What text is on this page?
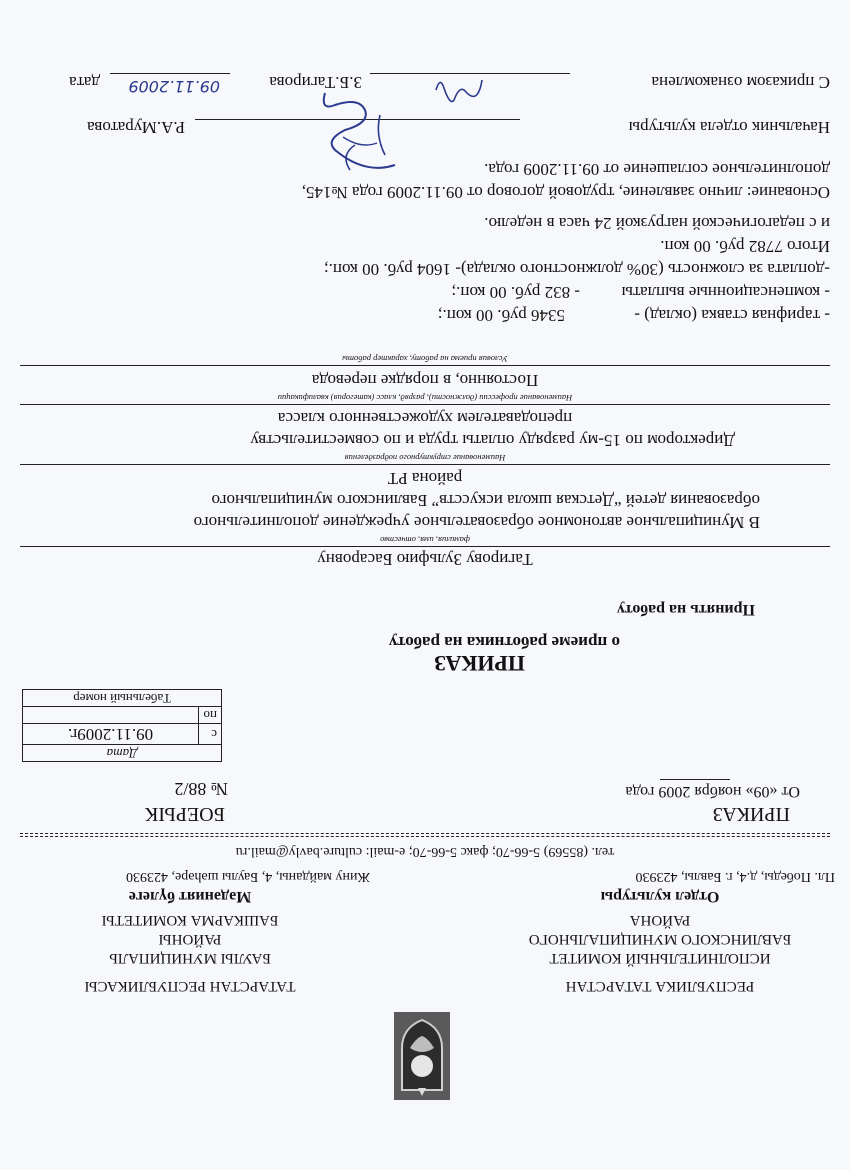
РЕСПУБЛИКА ТАТАРСТАН
ИСПОЛНИТЕЛЬНЫЙ КОМИТЕТ
БАВЛИНСКОГО МУНИЦИПАЛЬНОГО
РАЙОНА
Отдел культуры
ТАТАРСТАН РЕСПУБЛИКАСЫ
БАУЛЫ МУНИЦИПАЛЬ
РАЙОНЫ
БАШКАРМА КОМИТЕТЫ
Мәдәният бүлеге
Пл. Победы, д.4, г. Бавлы, 423930
Жину майданы, 4, Баулы шәһәре, 423930
тел. (85569) 5-66-70; факс 5-66-70; e-mail: culture.bavly@mail.ru
ПРИКАЗ
От «09» ноября 2009 года
БОЕРЫК
№ 88/2
Дата	
с	09.11.2009г.
по	
Табельный номер	
ПРИКАЗ
о приеме работника на работу
Принять на работу
Тагирову Зульфию Басаровну
фамилия, имя, отчество
В Муниципальное автономное образовательное учреждение дополнительного
образования детей “Детская школа искусств” Бавлинского муниципального
района РТ
Наименование структурного подразделения
Директором по 15-му разряду оплаты труда и по совместительству
преподавателем художественного класса
Наименование профессии (должности), разряд, класс (категория) квалификации
Постоянно, в порядке перевода
Условия приема на работу, характер работы
- тарифная ставка (оклад) -
5346 руб. 00 коп.;
- компенсационные выплаты
- 832 руб. 00 коп.;
-доплата за сложность (30% должностного оклада)- 1604 руб. 00 коп.;
Итого 7782 руб. 00 коп.
и с педагогической нагрузкой 24 часа в неделю.
Основание: лично заявление, трудовой договор от 09.11.2009 года №145,
дополнительное соглашение от 09.11.2009 года.
Начальник отдела культуры
Р.А.Муратова
С приказом ознакомлена
З.Б.Тагирова
09.11.2009
дата
